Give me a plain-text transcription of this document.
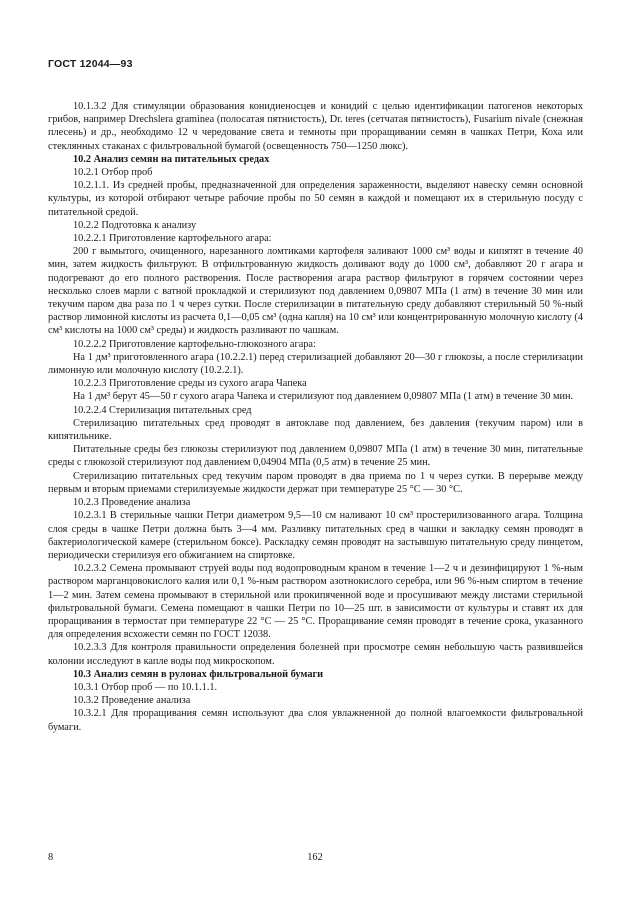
ГОСТ 12044—93

10.1.3.2 Для стимуляции образования конидиеносцев и конидий с целью идентификации патогенов некоторых грибов, например Drechslera graminea (полосатая пятнистость), Dr. teres (сетчатая пятнистость), Fusarium nivale (снежная плесень) и др., необходимо 12 ч чередование света и темноты при проращивании семян в чашках Петри, Коха или стеклянных стаканах с фильтровальной бумагой (освещенность 750—1250 люкс).

10.2 Анализ семян на питательных средах

10.2.1 Отбор проб

10.2.1.1. Из средней пробы, предназначенной для определения зараженности, выделяют навеску семян основной культуры, из которой отбирают четыре рабочие пробы по 50 семян в каждой и помещают их в стерильную посуду с питательной средой.

10.2.2 Подготовка к анализу

10.2.2.1 Приготовление картофельного агара:

200 г вымытого, очищенного, нарезанного ломтиками картофеля заливают 1000 см³ воды и кипятят в течение 40 мин, затем жидкость фильтруют. В отфильтрованную жидкость доливают воду до 1000 см³, добавляют 20 г агара и подогревают до его полного растворения. После растворения агара раствор фильтруют в горячем состоянии через несколько слоев марли с ватной прокладкой и стерилизуют под давлением 0,09807 МПа (1 атм) в течение 30 мин или текучим паром два раза по 1 ч через сутки. После стерилизации в питательную среду добавляют стерильный 50 %-ный раствор лимонной кислоты из расчета 0,1—0,05 см³ (одна капля) на 10 см³ или концентрированную молочную кислоту (4 см³ кислоты на 1000 см³ среды) и жидкость разливают по чашкам.

10.2.2.2 Приготовление картофельно-глюкозного агара:

На 1 дм³ приготовленного агара (10.2.2.1) перед стерилизацией добавляют 20—30 г глюкозы, а после стерилизации лимонную или молочную кислоту (10.2.2.1).

10.2.2.3 Приготовление среды из сухого агара Чапека

На 1 дм³ берут 45—50 г сухого агара Чапека и стерилизуют под давлением 0,09807 МПа (1 атм) в течение 30 мин.

10.2.2.4 Стерилизация питательных сред

Стерилизацию питательных сред проводят в автоклаве под давлением, без давления (текучим паром) или в кипятильнике.

Питательные среды без глюкозы стерилизуют под давлением 0,09807 МПа (1 атм) в течение 30 мин, питательные среды с глюкозой стерилизуют под давлением 0,04904 МПа (0,5 атм) в течение 25 мин.

Стерилизацию питательных сред текучим паром проводят в два приема по 1 ч через сутки. В перерыве между первым и вторым приемами стерилизуемые жидкости держат при температуре 25 °С — 30 °С.

10.2.3 Проведение анализа

10.2.3.1 В стерильные чашки Петри диаметром 9,5—10 см наливают 10 см³ простерилизованного агара. Толщина слоя среды в чашке Петри должна быть 3—4 мм. Разливку питательных сред в чашки и закладку семян проводят в бактериологической камере (стерильном боксе). Раскладку семян проводят на застывшую питательную среду пинцетом, периодически стерилизуя его обжиганием на спиртовке.

10.2.3.2 Семена промывают струей воды под водопроводным краном в течение 1—2 ч и дезинфицируют 1 %-ным раствором марганцовокислого калия или 0,1 %-ным раствором азотнокислого серебра, или 96 %-ным спиртом в течение 1—2 мин. Затем семена промывают в стерильной или прокипяченной воде и просушивают между листами стерильной фильтровальной бумаги. Семена помещают в чашки Петри по 10—25 шт. в зависимости от культуры и ставят их для проращивания в термостат при температуре 22 °С — 25 °С. Проращивание семян проводят в течение срока, указанного для определения всхожести семян по ГОСТ 12038.

10.2.3.3 Для контроля правильности определения болезней при просмотре семян небольшую часть развившейся колонии исследуют в капле воды под микроскопом.

10.3 Анализ семян в рулонах фильтровальной бумаги

10.3.1 Отбор проб — по 10.1.1.1.

10.3.2 Проведение анализа

10.3.2.1 Для проращивания семян используют два слоя увлажненной до полной влагоемкости фильтровальной бумаги.

8	162
